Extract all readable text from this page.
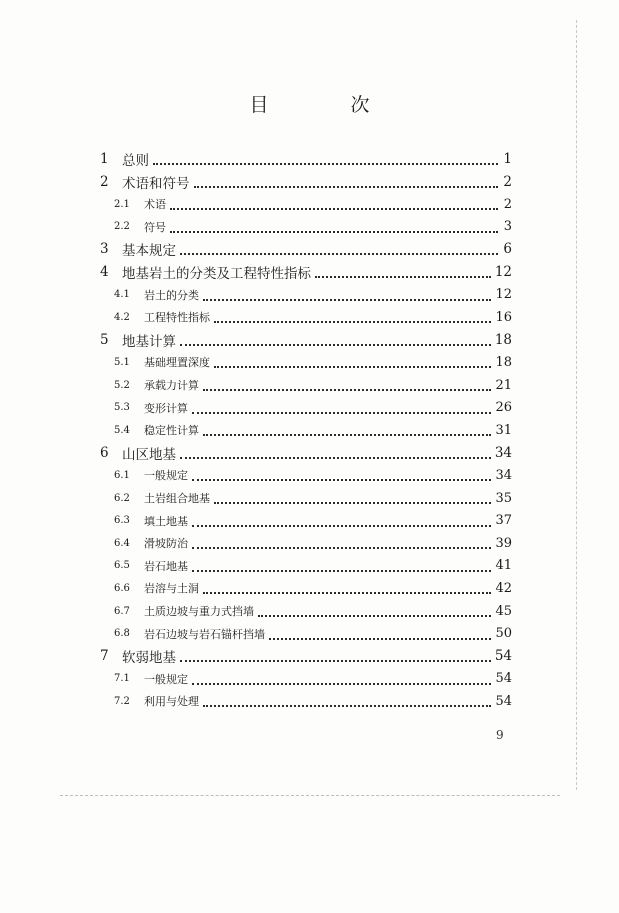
目 次
1 总则	1
2 术语和符号	2
2.1	术语	2
2.2	符号	3
3 基本规定	6
4 地基岩土的分类及工程特性指标	12
4.1	岩土的分类	12
4.2	工程特性指标	16
5 地基计算	18
5.1	基础埋置深度	18
5.2	承载力计算	21
5.3	变形计算	26
5.4	稳定性计算	31
6 山区地基	34
6.1	一般规定	34
6.2	土岩组合地基	35
6.3	填土地基	37
6.4	滑坡防治	39
6.5	岩石地基	41
6.6	岩溶与土洞	42
6.7	土质边坡与重力式挡墙	45
6.8	岩石边坡与岩石锚杆挡墙	50
7 软弱地基	54
7.1	一般规定	54
7.2	利用与处理	54
9
